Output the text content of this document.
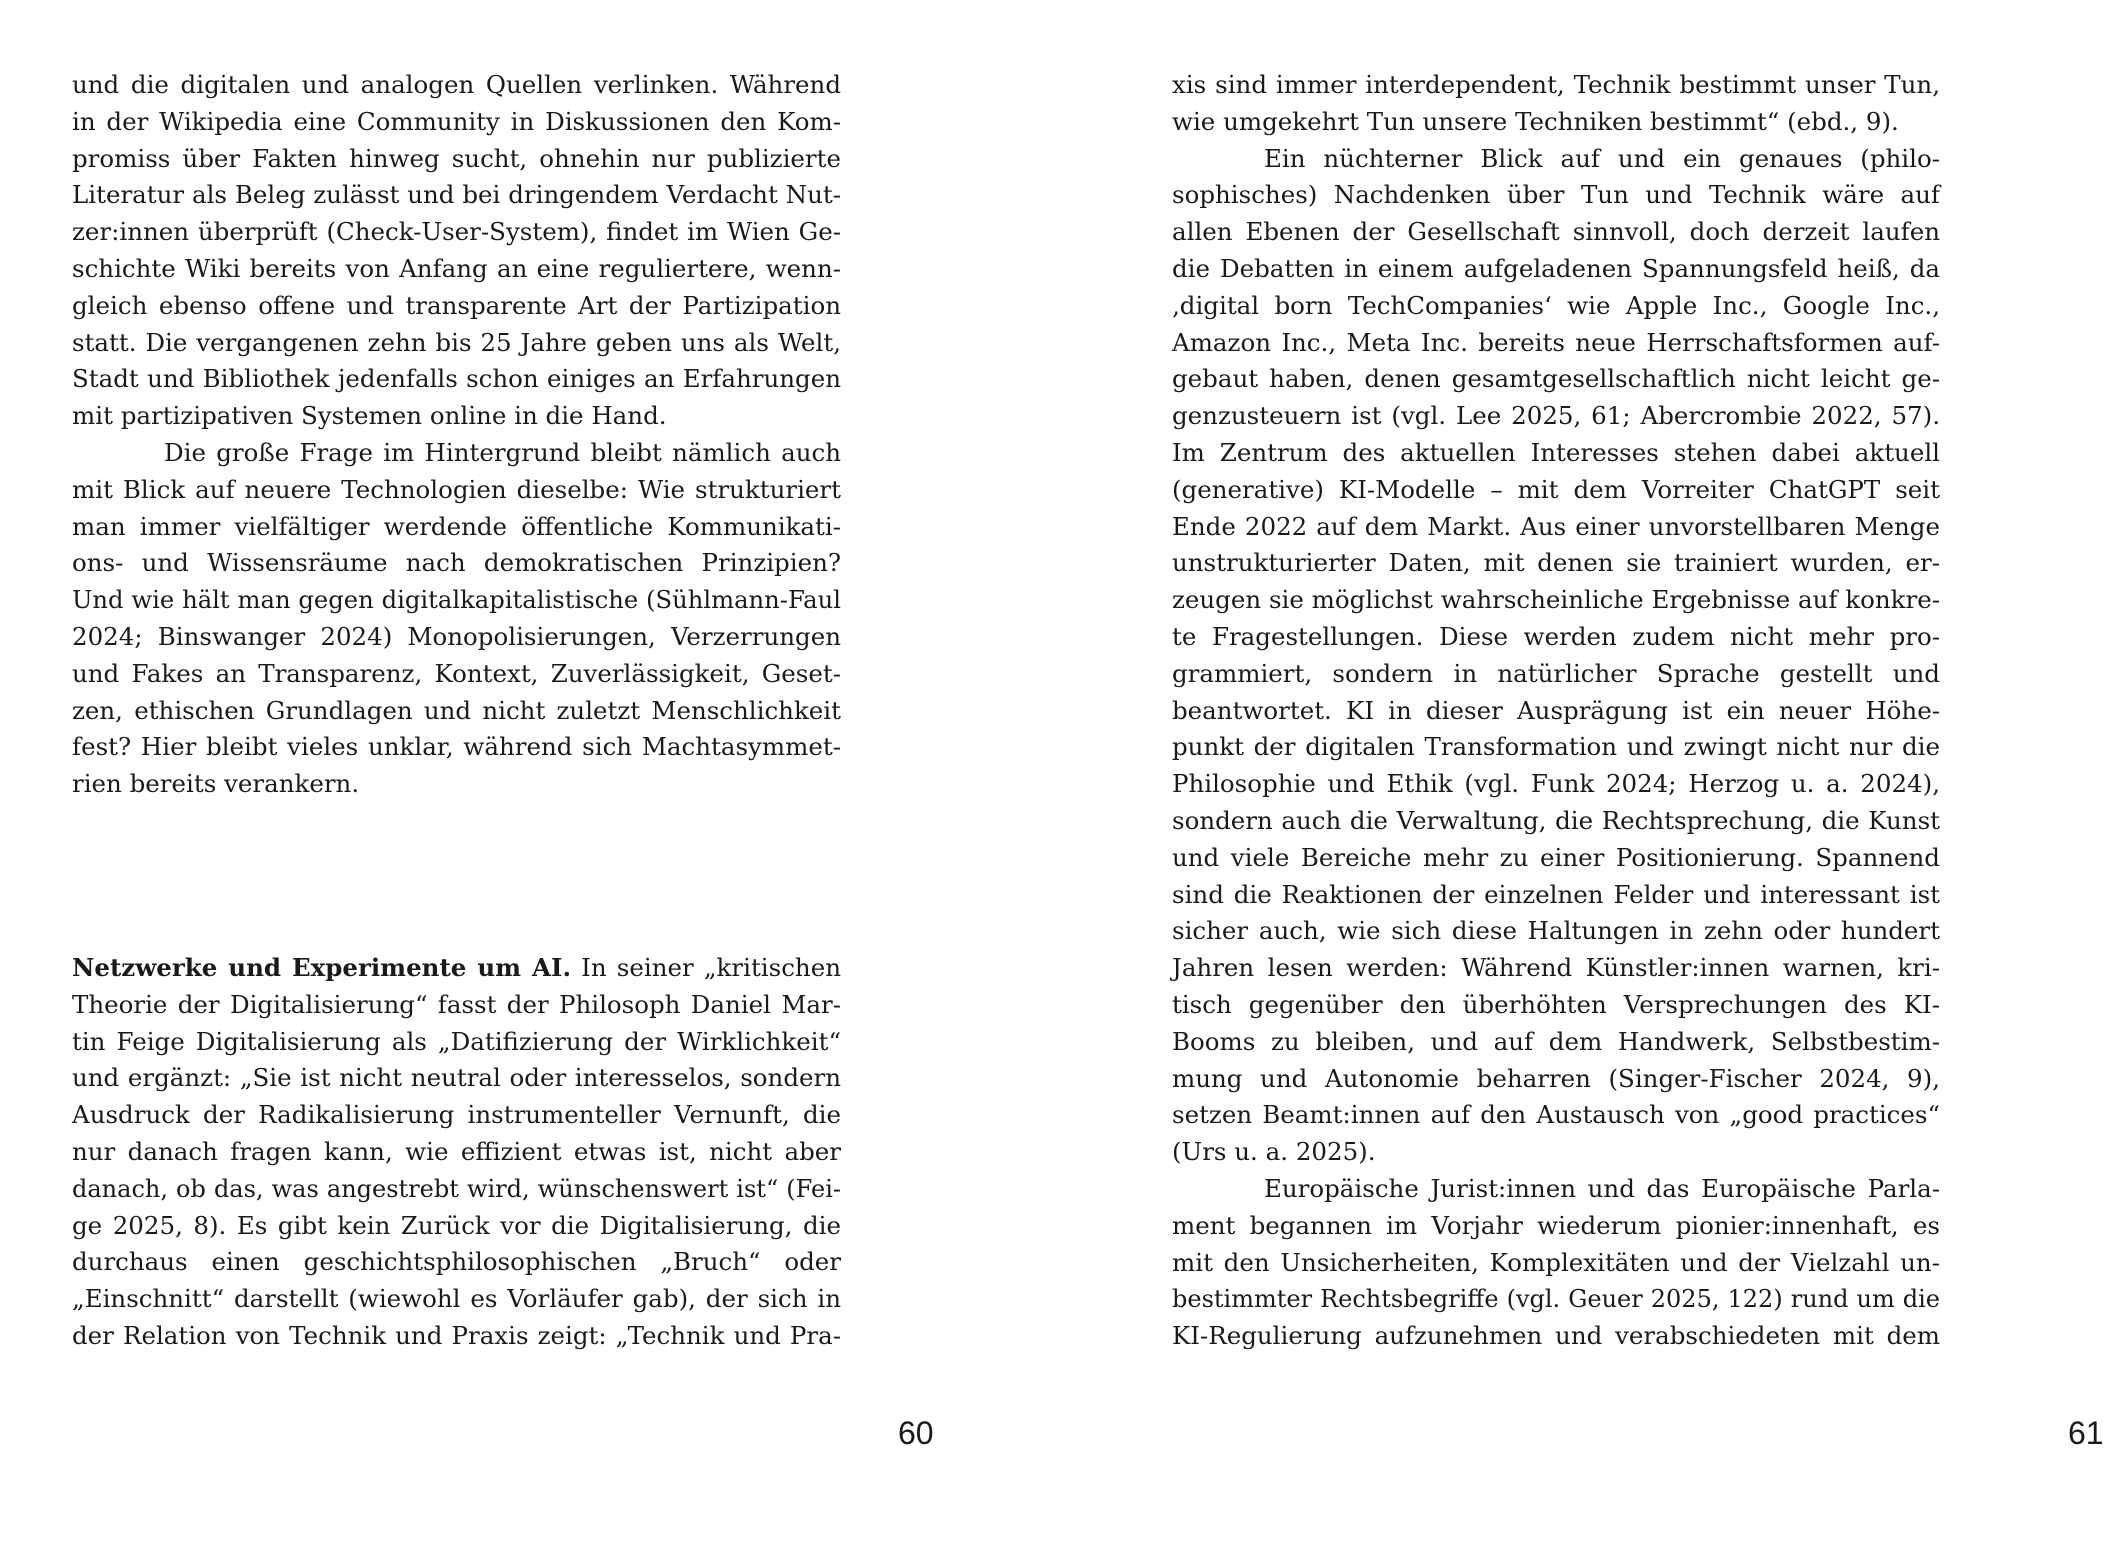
und die digitalen und analogen Quellen verlinken. Während
in der Wikipedia eine Community in Diskussionen den Kom-
promiss über Fakten hinweg sucht, ohnehin nur publizierte
Literatur als Beleg zulässt und bei dringendem Verdacht Nut-
zer:innen überprüft (Check-User-System), findet im Wien Ge-
schichte Wiki bereits von Anfang an eine reguliertere, wenn-
gleich ebenso offene und transparente Art der Partizipation
statt. Die vergangenen zehn bis 25 Jahre geben uns als Welt,
Stadt und Bibliothek jedenfalls schon einiges an Erfahrungen
mit partizipativen Systemen online in die Hand.
Die große Frage im Hintergrund bleibt nämlich auch
mit Blick auf neuere Technologien dieselbe: Wie strukturiert
man immer vielfältiger werdende öffentliche Kommunikati-
ons- und Wissensräume nach demokratischen Prinzipien?
Und wie hält man gegen digitalkapitalistische (Sühlmann-Faul
2024; Binswanger 2024) Monopolisierungen, Verzerrungen
und Fakes an Transparenz, Kontext, Zuverlässigkeit, Geset-
zen, ethischen Grundlagen und nicht zuletzt Menschlichkeit
fest? Hier bleibt vieles unklar, während sich Machtasymmet-
rien bereits verankern.
Netzwerke und Experimente um AI. In seiner „kritischen
Theorie der Digitalisierung“ fasst der Philosoph Daniel Mar-
tin Feige Digitalisierung als „Datifizierung der Wirklichkeit“
und ergänzt: „Sie ist nicht neutral oder interesselos, sondern
Ausdruck der Radikalisierung instrumenteller Vernunft, die
nur danach fragen kann, wie effizient etwas ist, nicht aber
danach, ob das, was angestrebt wird, wünschenswert ist“ (Fei-
ge 2025, 8). Es gibt kein Zurück vor die Digitalisierung, die
durchaus einen geschichtsphilosophischen „Bruch“ oder
„Einschnitt“ darstellt (wiewohl es Vorläufer gab), der sich in
der Relation von Technik und Praxis zeigt: „Technik und Pra-
60
xis sind immer interdependent, Technik bestimmt unser Tun,
wie umgekehrt Tun unsere Techniken bestimmt“ (ebd., 9).
Ein nüchterner Blick auf und ein genaues (philo-
sophisches) Nachdenken über Tun und Technik wäre auf
allen Ebenen der Gesellschaft sinnvoll, doch derzeit laufen
die Debatten in einem aufgeladenen Spannungsfeld heiß, da
‚digital born TechCompanies‘ wie Apple Inc., Google Inc.,
Amazon Inc., Meta Inc. bereits neue Herrschaftsformen auf-
gebaut haben, denen gesamtgesellschaftlich nicht leicht ge-
genzusteuern ist (vgl. Lee 2025, 61; Abercrombie 2022, 57).
Im Zentrum des aktuellen Interesses stehen dabei aktuell
(generative) KI-Modelle – mit dem Vorreiter ChatGPT seit
Ende 2022 auf dem Markt. Aus einer unvorstellbaren Menge
unstrukturierter Daten, mit denen sie trainiert wurden, er-
zeugen sie möglichst wahrscheinliche Ergebnisse auf konkre-
te Fragestellungen. Diese werden zudem nicht mehr pro-
grammiert, sondern in natürlicher Sprache gestellt und
beantwortet. KI in dieser Ausprägung ist ein neuer Höhe-
punkt der digitalen Transformation und zwingt nicht nur die
Philosophie und Ethik (vgl. Funk 2024; Herzog u. a. 2024),
sondern auch die Verwaltung, die Rechtsprechung, die Kunst
und viele Bereiche mehr zu einer Positionierung. Spannend
sind die Reaktionen der einzelnen Felder und interessant ist
sicher auch, wie sich diese Haltungen in zehn oder hundert
Jahren lesen werden: Während Künstler:innen warnen, kri-
tisch gegenüber den überhöhten Versprechungen des KI-
Booms zu bleiben, und auf dem Handwerk, Selbstbestim-
mung und Autonomie beharren (Singer-Fischer 2024, 9),
setzen Beamt:innen auf den Austausch von „good practices“
(Urs u. a. 2025).
Europäische Jurist:innen und das Europäische Parla-
ment begannen im Vorjahr wiederum pionier:innenhaft, es
mit den Unsicherheiten, Komplexitäten und der Vielzahl un-
bestimmter Rechtsbegriffe (vgl. Geuer 2025, 122) rund um die
KI-Regulierung aufzunehmen und verabschiedeten mit dem
61
